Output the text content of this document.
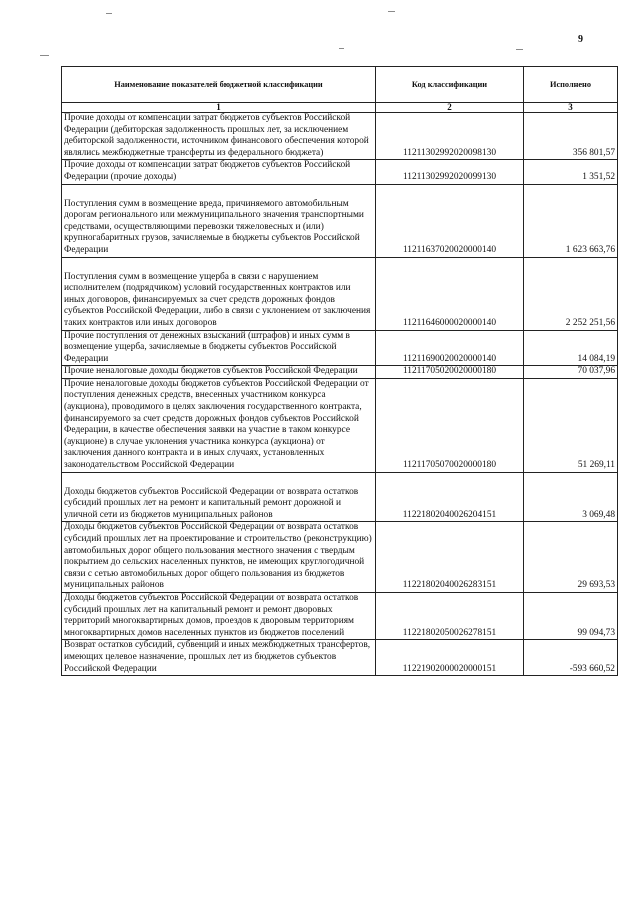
9
Наименование показателей бюджетной классификации	Код классификации	Исполнено
1	2	3
Прочие доходы от компенсации затрат бюджетов субъектов Российской Федерации (дебиторская задолженность прошлых лет, за исключением дебиторской задолженности, источником финансового обеспечения которой являлись межбюджетные трансферты из федерального бюджета)	11211302992020098130	356 801,57
Прочие доходы от компенсации затрат бюджетов субъектов Российской Федерации (прочие доходы)	11211302992020099130	1 351,52
Поступления сумм в возмещение вреда, причиняемого автомобильным дорогам регионального или межмуниципального значения транспортными средствами, осуществляющими перевозки тяжеловесных и (или) крупногабаритных грузов, зачисляемые в бюджеты субъектов Российской Федерации	11211637020020000140	1 623 663,76
Поступления сумм в возмещение ущерба в связи с нарушением исполнителем (подрядчиком) условий государственных контрактов или иных договоров, финансируемых за счет средств дорожных фондов субъектов Российской Федерации, либо в связи с уклонением от заключения таких контрактов или иных договоров	11211646000020000140	2 252 251,56
Прочие поступления от денежных взысканий (штрафов) и иных сумм в возмещение ущерба, зачисляемые в бюджеты субъектов Российской Федерации	11211690020020000140	14 084,19
Прочие неналоговые доходы бюджетов субъектов Российской Федерации	11211705020020000180	70 037,96
Прочие неналоговые доходы бюджетов субъектов Российской Федерации от поступления денежных средств, внесенных участником конкурса (аукциона), проводимого в целях заключения государственного контракта, финансируемого за счет средств дорожных фондов субъектов Российской Федерации, в качестве обеспечения заявки на участие в таком конкурсе (аукционе) в случае уклонения участника конкурса (аукциона) от заключения данного контракта и в иных случаях, установленных законодательством Российской Федерации	11211705070020000180	51 269,11
Доходы бюджетов субъектов Российской Федерации от возврата остатков субсидий прошлых лет на ремонт и капитальный ремонт дорожной и уличной сети из бюджетов муниципальных районов	11221802040026204151	3 069,48
Доходы бюджетов субъектов Российской Федерации от возврата остатков субсидий прошлых лет на проектирование и строительство (реконструкцию) автомобильных дорог общего пользования местного значения с твердым покрытием до сельских населенных пунктов, не имеющих круглогодичной связи с сетью автомобильных дорог общего пользования из бюджетов муниципальных районов	11221802040026283151	29 693,53
Доходы бюджетов субъектов Российской Федерации от возврата остатков субсидий прошлых лет на капитальный ремонт и ремонт дворовых территорий многоквартирных домов, проездов к дворовым территориям многоквартирных домов населенных пунктов из бюджетов поселений	11221802050026278151	99 094,73
Возврат остатков субсидий, субвенций и иных межбюджетных трансфертов, имеющих целевое назначение, прошлых лет из бюджетов субъектов Российской Федерации	11221902000020000151	-593 660,52
